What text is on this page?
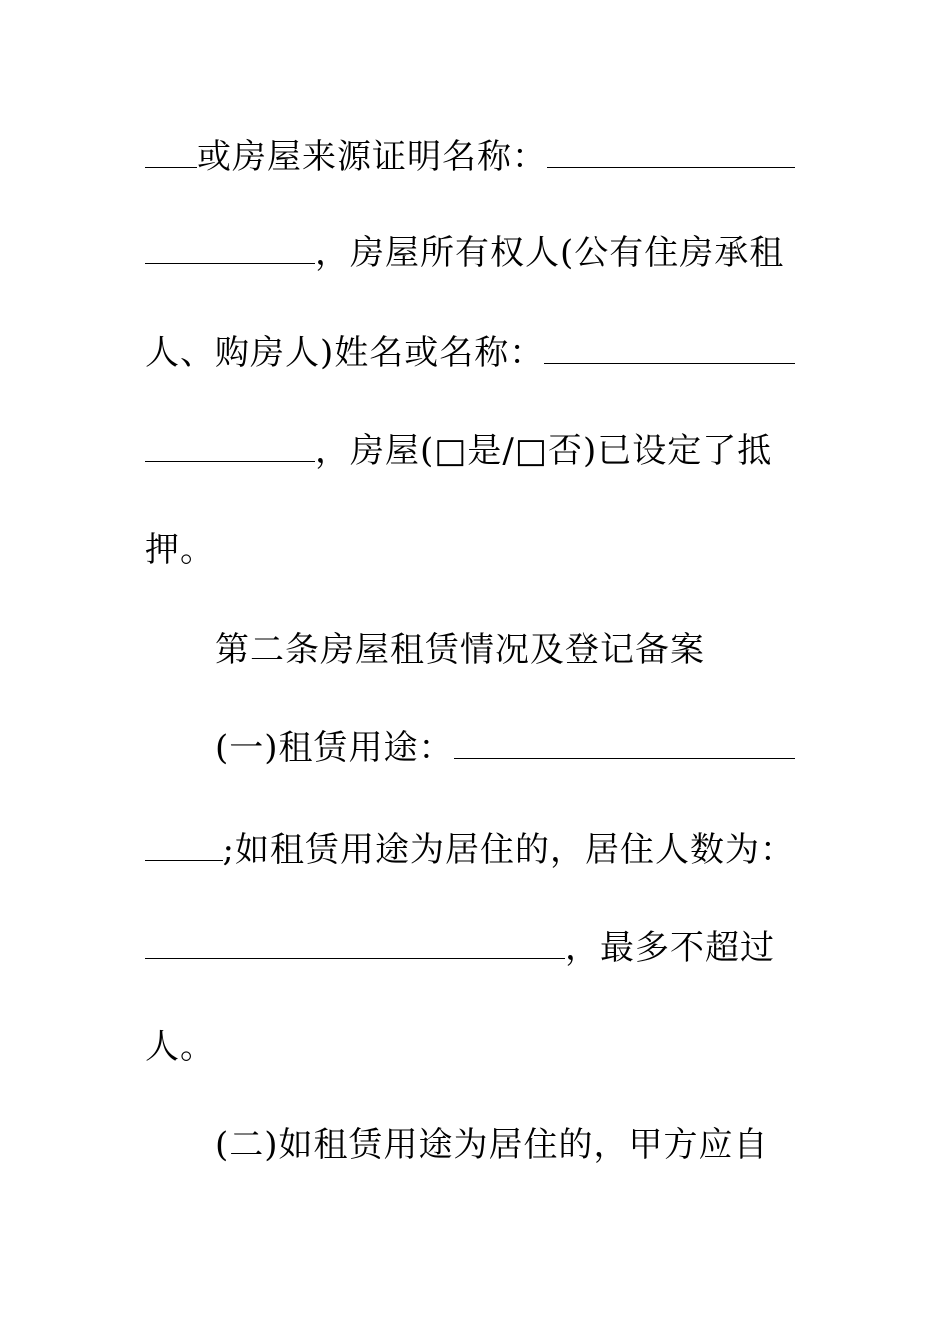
或房屋来源证明名称：
，房屋所有权人(公有住房承租
人、购房人)姓名或名称：
，房屋(□是/□否)已设定了抵
押。
第二条房屋租赁情况及登记备案
(一)租赁用途：
;如租赁用途为居住的，居住人数为：
，最多不超过
人。
(二)如租赁用途为居住的，甲方应自
